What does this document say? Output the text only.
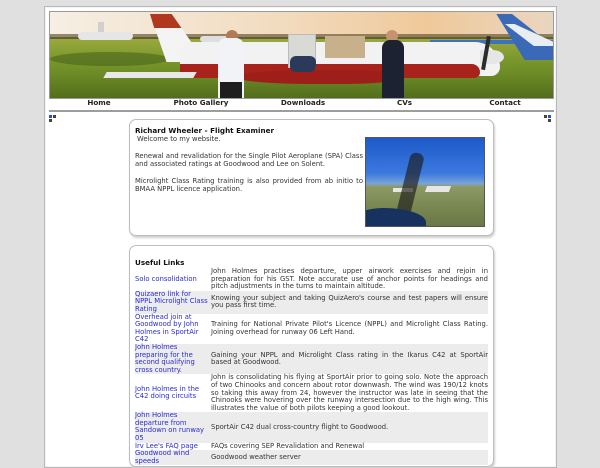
Home	Photo Gallery	Downloads	CVs	Contact
Richard Wheeler - Flight Examiner

Welcome to my website.

Renewal and revalidation for the Single Pilot Aeroplane (SPA) Class and associated ratings at Goodwood and Lee on Solent.

Microlight Class Rating training is also provided from ab initio to BMAA NPPL licence application.

Useful Links
Solo consolidation	John Holmes practises departure, upper airwork exercises and rejoin in preparation for his GST. Note accurate use of anchor points for headings and pitch adjustments in the turns to maintain altitude.
Quizaero link for NPPL Microlight Class Rating	Knowing your subject and taking QuizAero's course and test papers will ensure you pass first time.
Overhead join at Goodwood by John Holmes in SportAir C42	Training for National Private Pilot's Licence (NPPL) and Microlight Class Rating. Joining overhead for runway 06 Left Hand.
John Holmes preparing for the second qualifying cross country.	Gaining your NPPL and Microlight Class rating in the Ikarus C42 at SportAir based at Goodwood.
John Holmes in the C42 doing circuits	John is consolidating his flying at SportAir prior to going solo. Note the approach of two Chinooks and concern about rotor downwash. The wind was 190/12 knots so taking this away from 24, however the instructor was late in seeing that the Chinooks were hovering over the runway intersection due to the high wing. This illustrates the value of both pilots keeping a good lookout.
John Holmes departure from Sandown on runway 05	SportAir C42 dual cross-country flight to Goodwood.
Irv Lee's FAQ page	FAQs covering SEP Revalidation and Renewal
Goodwood wind speeds	Goodwood weather server
